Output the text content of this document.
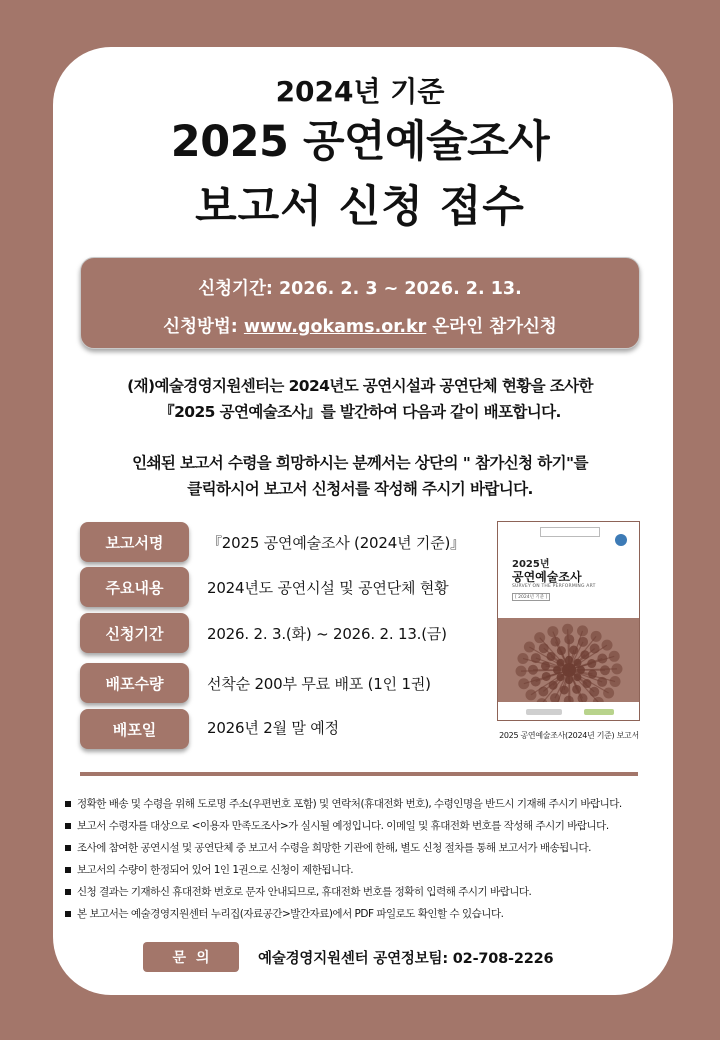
2024년 기준
2025 공연예술조사
보고서 신청 접수
신청기간: 2026. 2. 3 ~ 2026. 2. 13.
신청방법: www.gokams.or.kr 온라인 참가신청
(재)예술경영지원센터는 2024년도 공연시설과 공연단체 현황을 조사한
『2025 공연예술조사』를 발간하여 다음과 같이 배포합니다.
인쇄된 보고서 수령을 희망하시는 분께서는 상단의 " 참가신청 하기"를
클릭하시어 보고서 신청서를 작성해 주시기 바랍니다.
보고서명	『2025 공연예술조사 (2024년 기준)』
주요내용	2024년도 공연시설 및 공연단체 현황
신청기간	2026. 2. 3.(화) ~ 2026. 2. 13.(금)
배포수량	선착순 200부 무료 배포 (1인 1권)
배포일	2026년 2월 말 예정
2025년
공연예술조사
SURVEY ON THE PERFORMING ART
[ 2024년 기준 ]
2025 공연예술조사(2024년 기준) 보고서
정확한 배송 및 수령을 위해 도로명 주소(우편번호 포함) 및 연락처(휴대전화 번호), 수령인명을 반드시 기재해 주시기 바랍니다.
보고서 수령자를 대상으로 <이용자 만족도조사>가 실시될 예정입니다. 이메일 및 휴대전화 번호를 작성해 주시기 바랍니다.
조사에 참여한 공연시설 및 공연단체 중 보고서 수령을 희망한 기관에 한해, 별도 신청 절차를 통해 보고서가 배송됩니다.
보고서의 수량이 한정되어 있어 1인 1권으로 신청이 제한됩니다.
신청 결과는 기재하신 휴대전화 번호로 문자 안내되므로, 휴대전화 번호를 정확히 입력해 주시기 바랍니다.
본 보고서는 예술경영지원센터 누리집(자료공간>발간자료)에서 PDF 파일로도 확인할 수 있습니다.
문의	예술경영지원센터 공연정보팀: 02-708-2226
